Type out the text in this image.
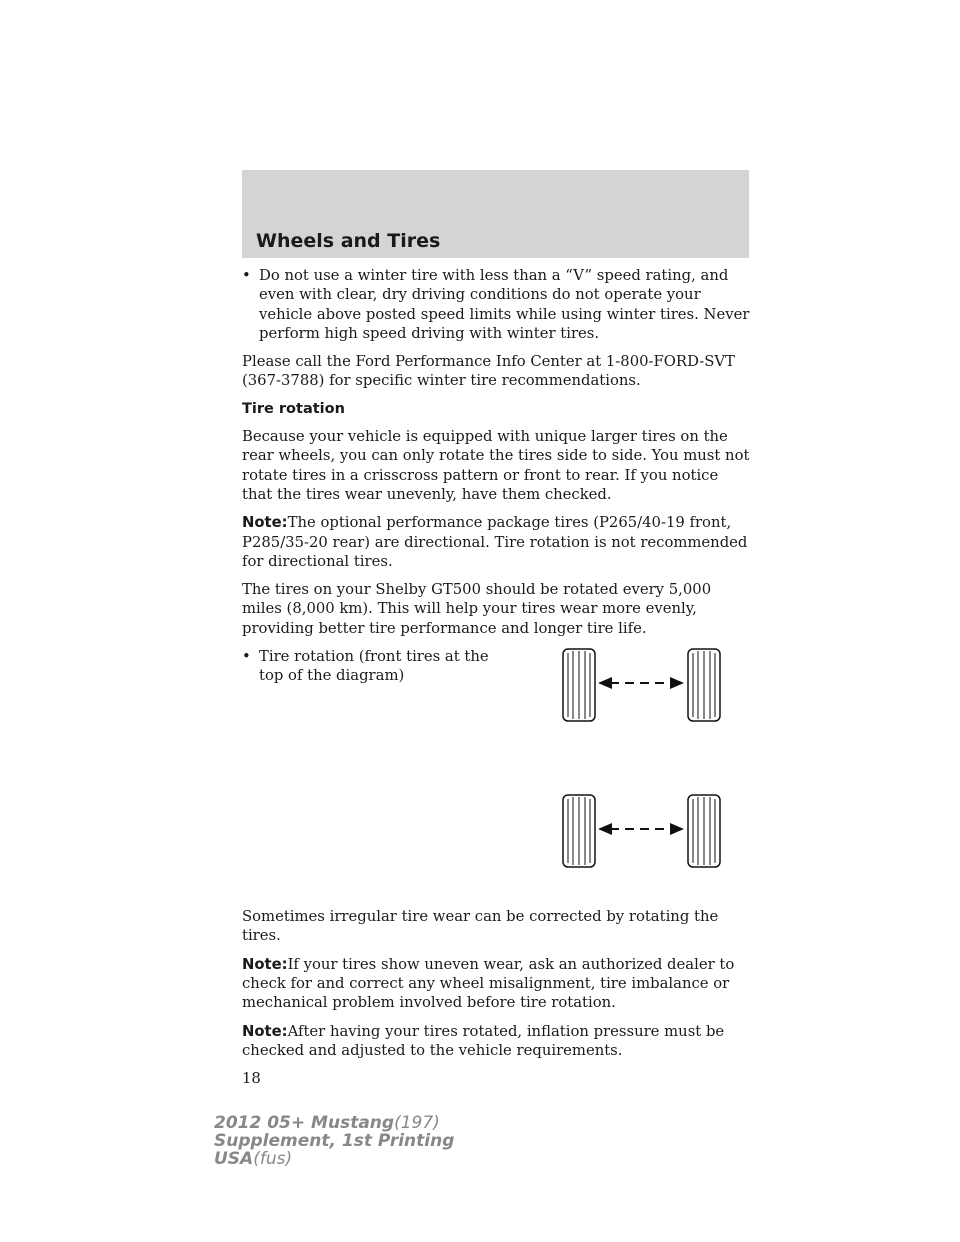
Wheels and Tires
• Do not use a winter tire with less than a “V” speed rating, and even with clear, dry driving conditions do not operate your vehicle above posted speed limits while using winter tires. Never perform high speed driving with winter tires.

Please call the Ford Performance Info Center at 1-800-FORD-SVT (367-3788) for specific winter tire recommendations.

Tire rotation

Because your vehicle is equipped with unique larger tires on the rear wheels, you can only rotate the tires side to side. You must not rotate tires in a crisscross pattern or front to rear. If you notice that the tires wear unevenly, have them checked.

Note:The optional performance package tires (P265/40-19 front, P285/35-20 rear) are directional. Tire rotation is not recommended for directional tires.

The tires on your Shelby GT500 should be rotated every 5,000 miles (8,000 km). This will help your tires wear more evenly, providing better tire performance and longer tire life.

• Tire rotation (front tires at the top of the diagram)

Sometimes irregular tire wear can be corrected by rotating the tires.

Note:If your tires show uneven wear, ask an authorized dealer to check for and correct any wheel misalignment, tire imbalance or mechanical problem involved before tire rotation.

Note:After having your tires rotated, inflation pressure must be checked and adjusted to the vehicle requirements.

18
2012 05+ Mustang(197)
Supplement, 1st Printing
USA(fus)
